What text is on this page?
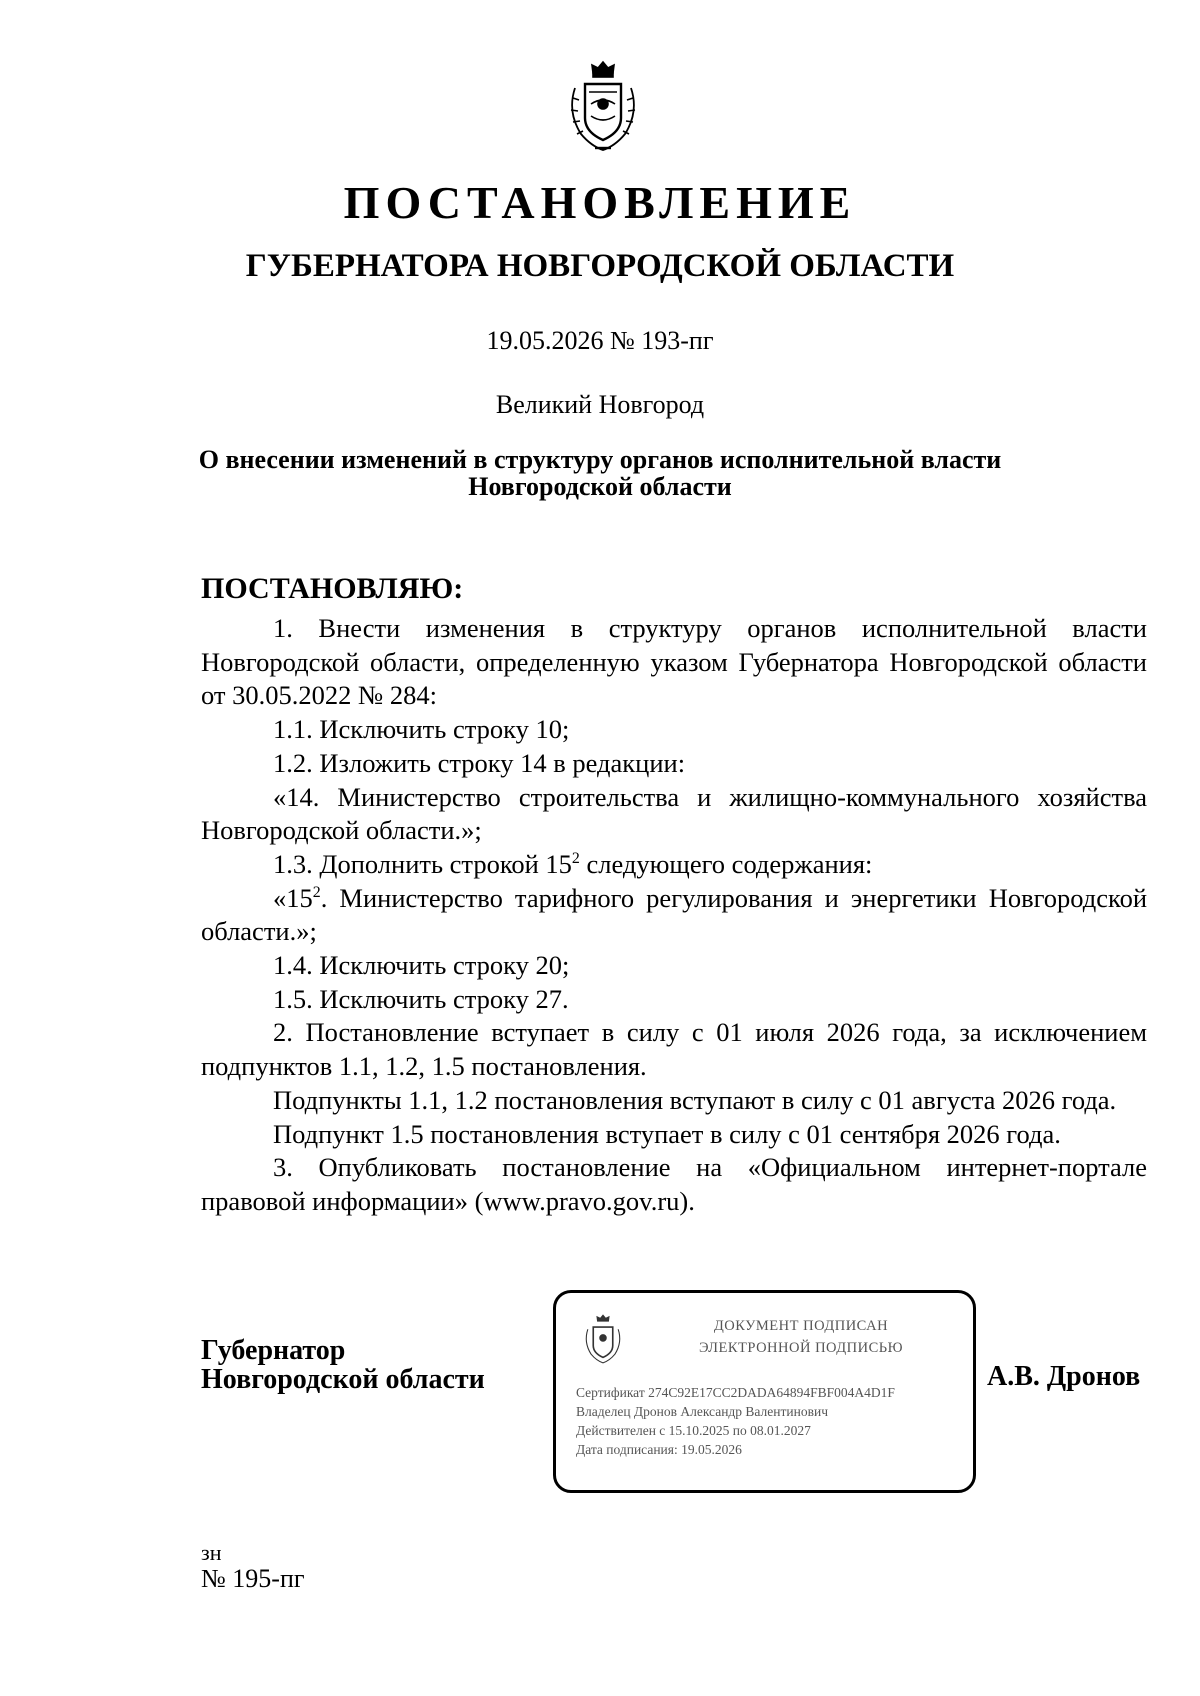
ПОСТАНОВЛЕНИЕ
ГУБЕРНАТОРА НОВГОРОДСКОЙ ОБЛАСТИ
19.05.2026 № 193-пг
Великий Новгород
О внесении изменений в структуру органов исполнительной власти
Новгородской области
ПОСТАНОВЛЯЮ:
1. Внести изменения в структуру органов исполнительной власти Новгородской области, определенную указом Губернатора Новгородской области от 30.05.2022 № 284:
1.1. Исключить строку 10;
1.2. Изложить строку 14 в редакции:
«14. Министерство строительства и жилищно-коммунального хозяйства Новгородской области.»;
1.3. Дополнить строкой $15^2$ следующего содержания:
«$15^2$. Министерство тарифного регулирования и энергетики Новгородской области.»;
1.4. Исключить строку 20;
1.5. Исключить строку 27.
2. Постановление вступает в силу с 01 июля 2026 года, за исключением подпунктов 1.1, 1.2, 1.5 постановления.
Подпункты 1.1, 1.2 постановления вступают в силу с 01 августа 2026 года.
Подпункт 1.5 постановления вступает в силу с 01 сентября 2026 года.
3. Опубликовать постановление на «Официальном интернет-портале правовой информации» (www.pravo.gov.ru).
Губернатор
Новгородской области
ДОКУМЕНТ ПОДПИСАН
ЭЛЕКТРОННОЙ ПОДПИСЬЮ
Сертификат 274C92E17CC2DADA64894FBF004A4D1F
Владелец Дронов Александр Валентинович
Действителен с 15.10.2025 по 08.01.2027
Дата подписания: 19.05.2026
А.В. Дронов
зн
№ 195-пг
